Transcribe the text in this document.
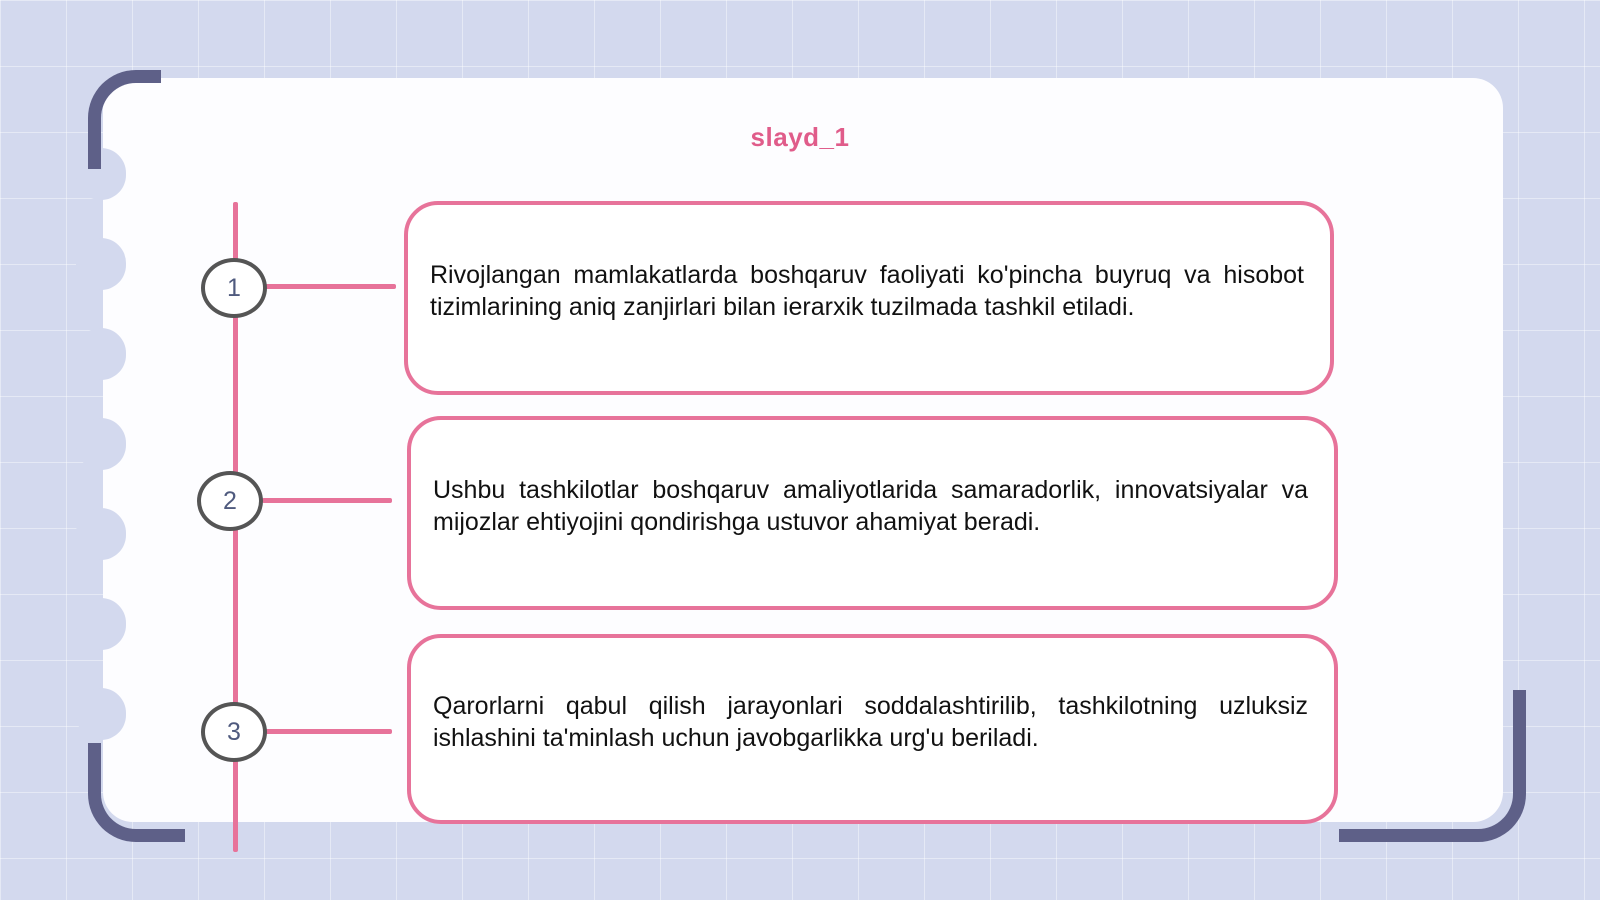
slayd_1
1	Rivojlangan mamlakatlarda boshqaruv faoliyati ko'pincha buyruq va hisobot tizimlarining aniq zanjirlari bilan ierarxik tuzilmada tashkil etiladi.

2	Ushbu tashkilotlar boshqaruv amaliyotlarida samaradorlik, innovatsiyalar va mijozlar ehtiyojini qondirishga ustuvor ahamiyat beradi.

3

Qarorlarni qabul qilish jarayonlari soddalashtirilib, tashkilotning uzluksiz ishlashini ta'minlash uchun javobgarlikka urg'u beriladi.
